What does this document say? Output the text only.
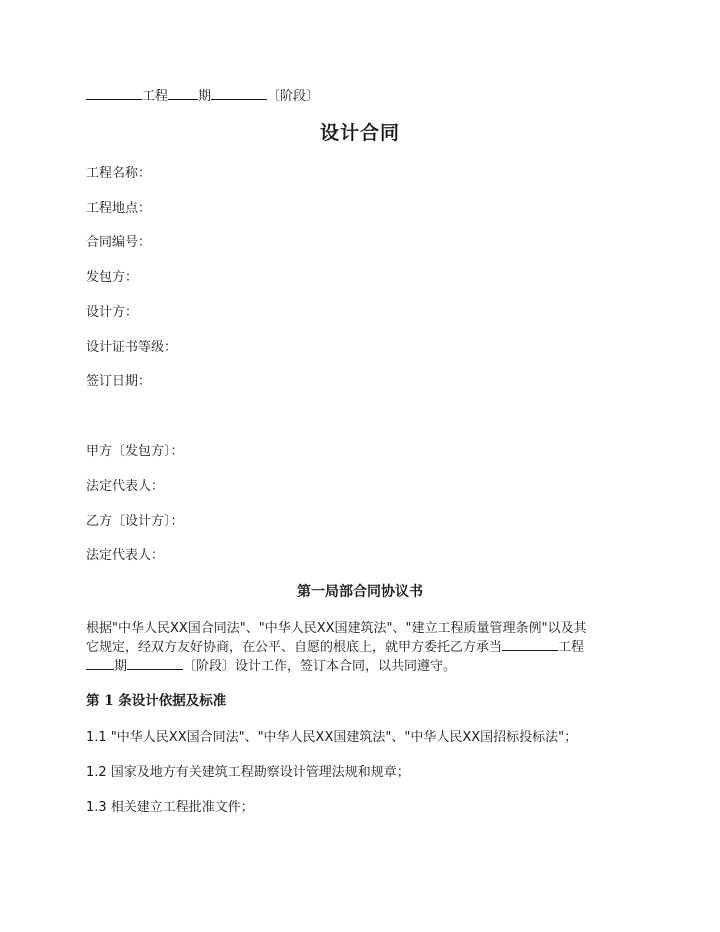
工程 期	〔阶段〕
设计合同
工程名称：
工程地点：
合同编号：
发包方：
设计方：
设计证书等级：
签订日期：
甲方〔发包方〕：
法定代表人：
乙方〔设计方〕：
法定代表人：
第一局部合同协议书
根据"中华人民XX国合同法"、"中华人民XX国建筑法"、"建立工程质量管理条例"以及其
它规定，经双方友好协商，在公平、自愿的根底上，就甲方委托乙方承当	工程
期	〔阶段〕设计工作，签订本合同，以共同遵守。
第 1 条设计依据及标准
1.1 "中华人民XX国合同法"、"中华人民XX国建筑法"、"中华人民XX国招标投标法"；
1.2 国家及地方有关建筑工程勘察设计管理法规和规章；
1.3 相关建立工程批准文件；
